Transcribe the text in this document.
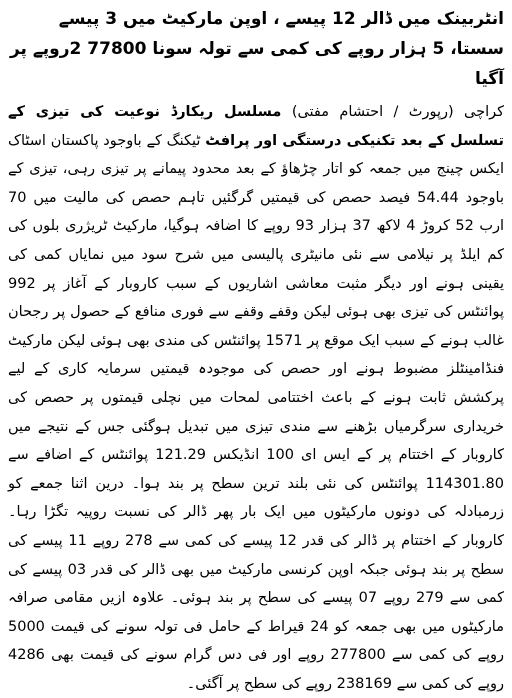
انٹربینک میں ڈالر 12 پیسے ، اوپن مارکیٹ میں 3 پیسے سستا، 5 ہزار روپے کی کمی سے تولہ سونا 77800 2روپے پر آگیا

کراچی (رپورٹ / احتشام مفتی) مسلسل ریکارڈ نوعیت کی تیزی کے تسلسل کے بعد تکنیکی درستگی اور پرافٹ ٹیکنگ کے باوجود پاکستان اسٹاک ایکس چینج میں جمعہ کو اتار چڑھاؤ کے بعد محدود پیمانے پر تیزی رہی، تیزی کے باوجود 54.44 فیصد حصص کی قیمتیں گرگئیں تاہم حصص کی مالیت میں 70 ارب 52 کروڑ 4 لاکھ 37 ہزار 93 روپے کا اضافہ ہوگیا، مارکیٹ ٹریژری بلوں کی کم ایلڈ پر نیلامی سے نئی مانیٹری پالیسی میں شرح سود میں نمایاں کمی کی یقینی ہونے اور دیگر مثبت معاشی اشاریوں کے سبب کاروبار کے آغاز پر 992 پوائنٹس کی تیزی بھی ہوئی لیکن وقفے وقفے سے فوری منافع کے حصول پر رجحان غالب ہونے کے سبب ایک موقع پر 1571 پوائنٹس کی مندی بھی ہوئی لیکن مارکیٹ فنڈامینٹلز مضبوط ہونے اور حصص کی موجودہ قیمتیں سرمایہ کاری کے لیے پرکشش ثابت ہونے کے باعث اختتامی لمحات میں نچلی قیمتوں پر حصص کی خریداری سرگرمیاں بڑھنے سے مندی تیزی میں تبدیل ہوگئی جس کے نتیجے میں کاروبار کے اختتام پر کے ایس ای 100 انڈیکس 121.29 پوائنٹس کے اضافے سے 114301.80 پوائنٹس کی نئی بلند ترین سطح پر بند ہوا۔ درین اثنا جمعے کو زرمبادلہ کی دونوں مارکیٹوں میں ایک بار پھر ڈالر کی نسبت روپیہ تگڑا رہا۔ کاروبار کے اختتام پر ڈالر کی قدر 12 پیسے کی کمی سے 278 روپے 11 پیسے کی سطح پر بند ہوئی جبکہ اوپن کرنسی مارکیٹ میں بھی ڈالر کی قدر 03 پیسے کی کمی سے 279 روپے 07 پیسے کی سطح پر بند ہوئی۔ علاوہ ازیں مقامی صرافہ مارکیٹوں میں بھی جمعہ کو 24 قیراط کے حامل فی تولہ سونے کی قیمت 5000 روپے کی کمی سے 277800 روپے اور فی دس گرام سونے کی قیمت بھی 4286 روپے کی کمی سے 238169 روپے کی سطح پر آگئی۔
